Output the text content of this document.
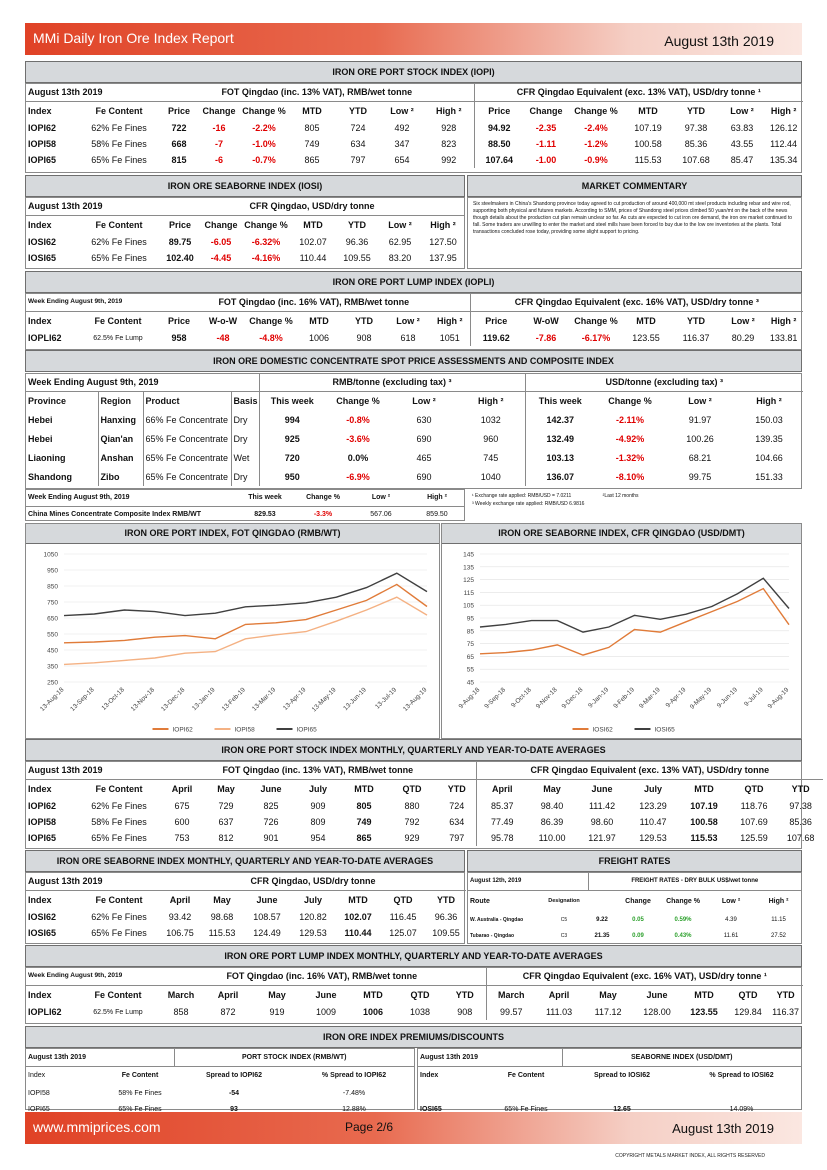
MMi Daily Iron Ore Index Report	August 13th 2019
IRON ORE PORT STOCK INDEX (IOPI)
August 13th 2019		FOT Qingdao (inc. 13% VAT), RMB/wet tonne							CFR Qingdao Equivalent (exc. 13% VAT), USD/dry tonne ¹						
Index	Fe Content	Price	Change	Change %	MTD	YTD	Low ²	High ²	Price	Change	Change %	MTD	YTD	Low ²	High ²
IOPI62	62% Fe Fines	722	-16	-2.2%	805	724	492	928	94.92	-2.35	-2.4%	107.19	97.38	63.83	126.12
IOPI58	58% Fe Fines	668	-7	-1.0%	749	634	347	823	88.50	-1.11	-1.2%	100.58	85.36	43.55	112.44
IOPI65	65% Fe Fines	815	-6	-0.7%	865	797	654	992	107.64	-1.00	-0.9%	115.53	107.68	85.47	135.34
IRON ORE SEABORNE INDEX (IOSI)	MARKET COMMENTARY
August 13th 2019		CFR Qingdao, USD/dry tonne						
Index	Fe Content	Price	Change	Change %	MTD	YTD	Low ²	High ²
IOSI62	62% Fe Fines	89.75	-6.05	-6.32%	102.07	96.36	62.95	127.50
IOSI65	65% Fe Fines	102.40	-4.45	-4.16%	110.44	109.55	83.20	137.95

Six steelmakers in China's Shandong province today agreed to cut production of around 400,000 mt steel products including rebar and wire rod, supporting both physical and futures markets. According to SMM, prices of Shandong steel prices climbed 50 yuan/mt on the back of the news though details about the production cut plan remain unclear so far. As cuts are expected to cut iron ore demand, the iron ore market continued to fall. Some traders are unwilling to enter the market and steel mills have been forced to buy due to the low ore inventories at the plants. Total transactions concluded rose today, providing some slight support to pricing.

IRON ORE PORT LUMP INDEX (IOPLI)
Week Ending August 9th, 2019		FOT Qingdao (inc. 16% VAT), RMB/wet tonne							CFR Qingdao Equivalent (exc. 16% VAT), USD/dry tonne ³						
Index	Fe Content	Price	W-o-W	Change %	MTD	YTD	Low ²	High ²	Price	W-oW	Change %	MTD	YTD	Low ²	High ²
IOPLI62	62.5% Fe Lump	958	-48	-4.8%	1006	908	618	1051	119.62	-7.86	-6.17%	123.55	116.37	80.29	133.81
IRON ORE DOMESTIC CONCENTRATE SPOT PRICE ASSESSMENTS AND COMPOSITE INDEX
Week Ending August 9th, 2019				RMB/tonne (excluding tax) ³				USD/tonne (excluding tax) ³			
Province	Region	Product	Basis	This week	Change %	Low ²	High ²	This week	Change %	Low ²	High ²
Hebei	Hanxing	66% Fe Concentrate	Dry	994	-0.8%	630	1032	142.37	-2.11%	91.97	150.03
Hebei	Qian'an	65% Fe Concentrate	Dry	925	-3.6%	690	960	132.49	-4.92%	100.26	139.35
Liaoning	Anshan	65% Fe Concentrate	Wet	720	0.0%	465	745	103.13	-1.32%	68.21	104.66
Shandong	Zibo	65% Fe Concentrate	Dry	950	-6.9%	690	1040	136.07	-8.10%	99.75	151.33
Week Ending August 9th, 2019	This week	Change %	Low ²	High ²
China Mines Concentrate Composite Index RMB/WT	829.53	-3.3%	567.06	859.50
¹ Exchange rate applied: RMB/USD = 7.0211	²Last 12 months
³ Weekly exchange rate applied: RMB/USD 6.9816
IRON ORE PORT INDEX, FOT QINGDAO (RMB/WT)
250
350
450
550
650
750
850
950
1050
13-Aug-18 13-Sep-18 13-Oct-18 13-Nov-18 13-Dec-18 13-Jan-19 13-Feb-19 13-Mar-19 13-Apr-19 13-May-19 13-Jun-19 13-Jul-19 13-Aug-19
IOPI62	IOPI58	IOPI65
IRON ORE SEABORNE INDEX, CFR QINGDAO (USD/DMT)
45
55
65
75
85
95
105
115
125
135
145
9-Aug-18 9-Sep-18 9-Oct-18 9-Nov-18 9-Dec-18 9-Jan-19 9-Feb-19 9-Mar-19 9-Apr-19 9-May-19 9-Jun-19 9-Jul-19 9-Aug-19
IOSI62	IOSI65
IRON ORE PORT STOCK INDEX MONTHLY, QUARTERLY AND YEAR-TO-DATE AVERAGES
August 13th 2019		FOT Qingdao (inc. 13% VAT), RMB/wet tonne							CFR Qingdao Equivalent (exc. 13% VAT), USD/dry tonne						
Index	Fe Content	April	May	June	July	MTD	QTD	YTD	April	May	June	July	MTD	QTD	YTD
IOPI62	62% Fe Fines	675	729	825	909	805	880	724	85.37	98.40	111.42	123.29	107.19	118.76	97.38
IOPI58	58% Fe Fines	600	637	726	809	749	792	634	77.49	86.39	98.60	110.47	100.58	107.69	85.36
IOPI65	65% Fe Fines	753	812	901	954	865	929	797	95.78	110.00	121.97	129.53	115.53	125.59	107.68
IRON ORE SEABORNE INDEX MONTHLY, QUARTERLY AND YEAR-TO-DATE AVERAGES	FREIGHT RATES
August 13th 2019		CFR Qingdao, USD/dry tonne						
Index	Fe Content	April	May	June	July	MTD	QTD	YTD
IOSI62	62% Fe Fines	93.42	98.68	108.57	120.82	102.07	116.45	96.36
IOSI65	65% Fe Fines	106.75	115.53	124.49	129.53	110.44	125.07	109.55
August 12th, 2019		FREIGHT RATES - DRY BULK US$/wet tonne				
Route	Designation		Change	Change %	Low ²	High ²
W. Australia - Qingdao	C5	9.22	0.05	0.59%	4.39	11.15
Tubarao - Qingdao	C3	21.35	0.09	0.43%	11.61	27.52
IRON ORE PORT LUMP INDEX MONTHLY, QUARTERLY AND YEAR-TO-DATE AVERAGES
Week Ending August 9th, 2019		FOT Qingdao (inc. 16% VAT), RMB/wet tonne							CFR Qingdao Equivalent (exc. 16% VAT), USD/dry tonne ¹						
Index	Fe Content	March	April	May	June	MTD	QTD	YTD	March	April	May	June	MTD	QTD	YTD
IOPLI62	62.5% Fe Lump	858	872	919	1009	1006	1038	908	99.57	111.03	117.12	128.00	123.55	129.84	116.37
IRON ORE INDEX PREMIUMS/DISCOUNTS
August 13th 2019		PORT STOCK INDEX (RMB/WT)	
Index	Fe Content	Spread to IOPI62	% Spread to IOPI62
IOPI58	58% Fe Fines	-54	-7.48%
IOPI65	65% Fe Fines	93	12.88%
August 13th 2019		SEABORNE INDEX (USD/DMT)	
Index	Fe Content	Spread to IOSI62	% Spread to IOSI62

IOSI65	65% Fe Fines	12.65	14.09%
www.mmiprices.com	Page 2/6	August 13th 2019
COPYRIGHT METALS MARKET INDEX, ALL RIGHTS RESERVED
